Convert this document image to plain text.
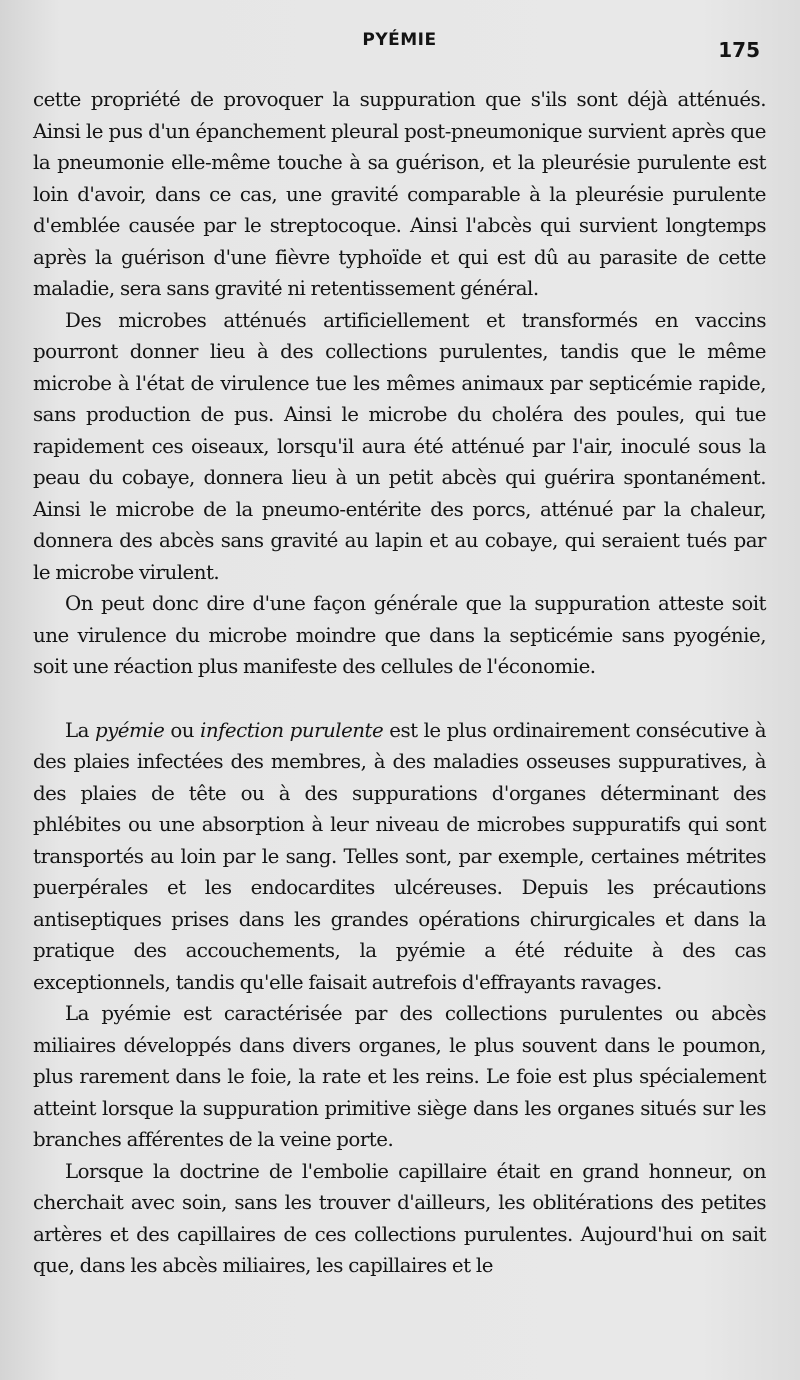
PYÉMIE	175

cette propriété de provoquer la suppuration que s'ils sont déjà atténués. Ainsi le pus d'un épanchement pleural post-pneumonique survient après que la pneumonie elle-même touche à sa guérison, et la pleurésie purulente est loin d'avoir, dans ce cas, une gravité comparable à la pleurésie purulente d'emblée causée par le streptocoque. Ainsi l'abcès qui survient longtemps après la guérison d'une fièvre typhoïde et qui est dû au parasite de cette maladie, sera sans gravité ni retentissement général.

Des microbes atténués artificiellement et transformés en vaccins pourront donner lieu à des collections purulentes, tandis que le même microbe à l'état de virulence tue les mêmes animaux par septicémie rapide, sans production de pus. Ainsi le microbe du choléra des poules, qui tue rapidement ces oiseaux, lorsqu'il aura été atténué par l'air, inoculé sous la peau du cobaye, donnera lieu à un petit abcès qui guérira spontanément. Ainsi le microbe de la pneumo-entérite des porcs, atténué par la chaleur, donnera des abcès sans gravité au lapin et au cobaye, qui seraient tués par le microbe virulent.

On peut donc dire d'une façon générale que la suppuration atteste soit une virulence du microbe moindre que dans la septicémie sans pyogénie, soit une réaction plus manifeste des cellules de l'économie.

La pyémie ou infection purulente est le plus ordinairement consécutive à des plaies infectées des membres, à des maladies osseuses suppuratives, à des plaies de tête ou à des suppurations d'organes déterminant des phlébites ou une absorption à leur niveau de microbes suppuratifs qui sont transportés au loin par le sang. Telles sont, par exemple, certaines métrites puerpérales et les endocardites ulcéreuses. Depuis les précautions antiseptiques prises dans les grandes opérations chirurgicales et dans la pratique des accouchements, la pyémie a été réduite à des cas exceptionnels, tandis qu'elle faisait autrefois d'effrayants ravages.

La pyémie est caractérisée par des collections purulentes ou abcès miliaires développés dans divers organes, le plus souvent dans le poumon, plus rarement dans le foie, la rate et les reins. Le foie est plus spécialement atteint lorsque la suppuration primitive siège dans les organes situés sur les branches afférentes de la veine porte.

Lorsque la doctrine de l'embolie capillaire était en grand honneur, on cherchait avec soin, sans les trouver d'ailleurs, les oblitérations des petites artères et des capillaires de ces collections purulentes. Aujourd'hui on sait que, dans les abcès miliaires, les capillaires et le
